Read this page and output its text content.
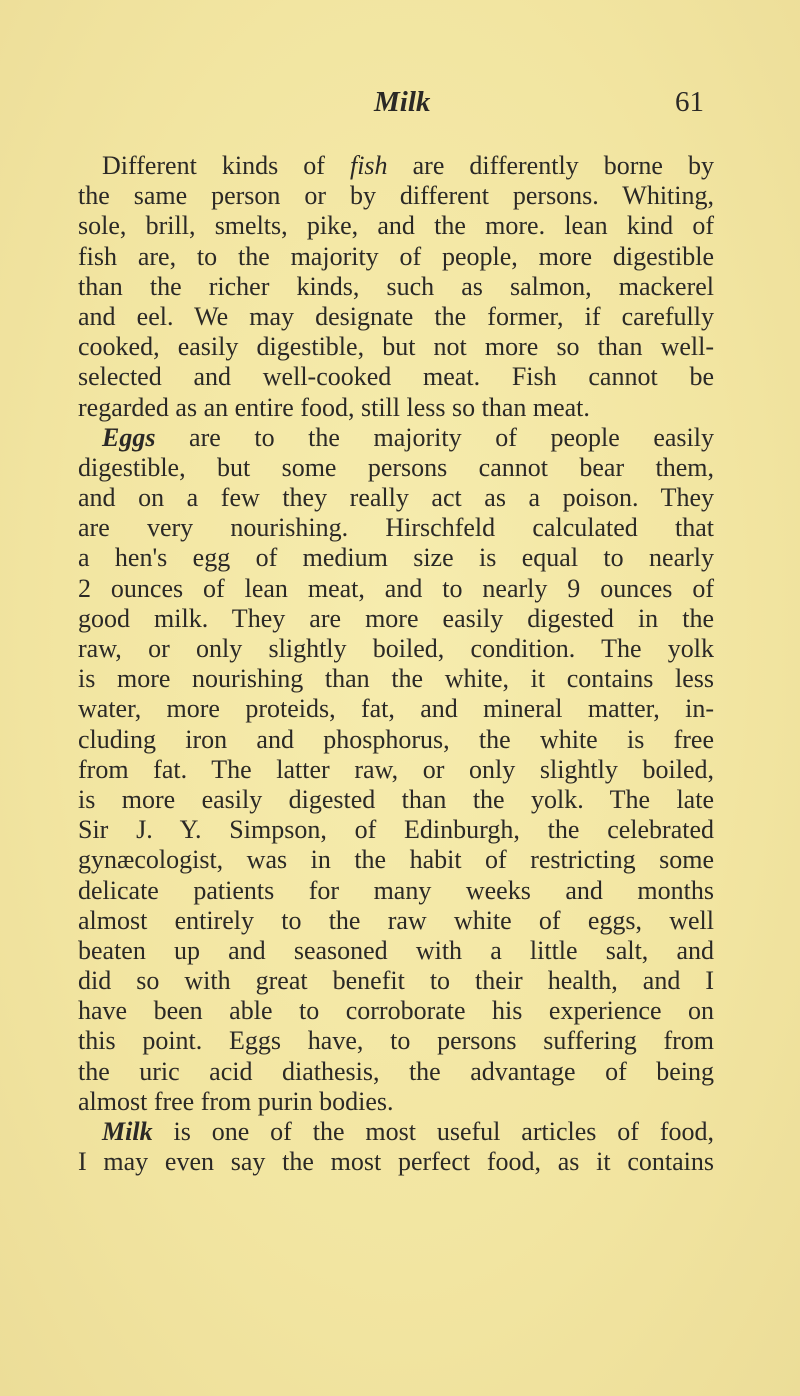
Milk	61
Different kinds of fish are differently borne by
the same person or by different persons. Whiting,
sole, brill, smelts, pike, and the more. lean kind of
fish are, to the majority of people, more digestible
than the richer kinds, such as salmon, mackerel
and eel. We may designate the former, if carefully
cooked, easily digestible, but not more so than well-
selected and well-cooked meat. Fish cannot be
regarded as an entire food, still less so than meat.
Eggs are to the majority of people easily
digestible, but some persons cannot bear them,
and on a few they really act as a poison. They
are very nourishing. Hirschfeld calculated that
a hen's egg of medium size is equal to nearly
2 ounces of lean meat, and to nearly 9 ounces of
good milk. They are more easily digested in the
raw, or only slightly boiled, condition. The yolk
is more nourishing than the white, it contains less
water, more proteids, fat, and mineral matter, in-
cluding iron and phosphorus, the white is free
from fat. The latter raw, or only slightly boiled,
is more easily digested than the yolk. The late
Sir J. Y. Simpson, of Edinburgh, the celebrated
gynæcologist, was in the habit of restricting some
delicate patients for many weeks and months
almost entirely to the raw white of eggs, well
beaten up and seasoned with a little salt, and
did so with great benefit to their health, and I
have been able to corroborate his experience on
this point. Eggs have, to persons suffering from
the uric acid diathesis, the advantage of being
almost free from purin bodies.
Milk is one of the most useful articles of food,
I may even say the most perfect food, as it contains
